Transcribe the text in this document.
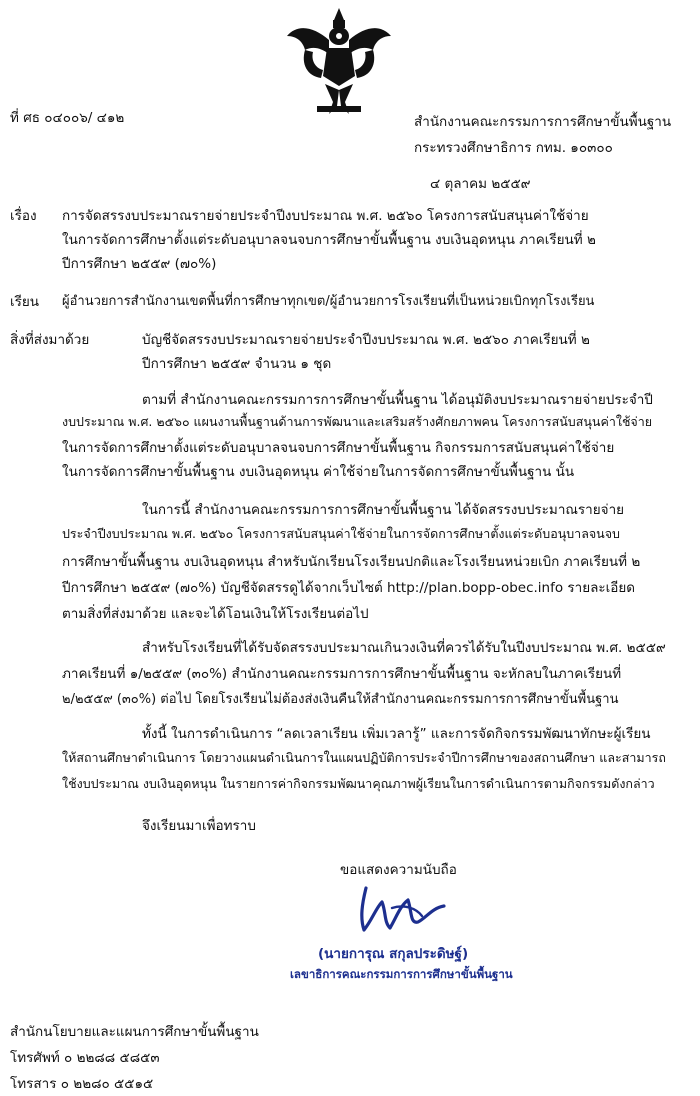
ที่ ศธ ๐๔๐๐๖/ ๔๑๒	สำนักงานคณะกรรมการการศึกษาขั้นพื้นฐาน
กระทรวงศึกษาธิการ กทม. ๑๐๓๐๐
๔ ตุลาคม ๒๕๕๙
เรื่อง การจัดสรรงบประมาณรายจ่ายประจำปีงบประมาณ พ.ศ. ๒๕๖๐ โครงการสนับสนุนค่าใช้จ่าย
ในการจัดการศึกษาตั้งแต่ระดับอนุบาลจนจบการศึกษาขั้นพื้นฐาน งบเงินอุดหนุน ภาคเรียนที่ ๒
ปีการศึกษา ๒๕๕๙ (๗๐%)
เรียน ผู้อำนวยการสำนักงานเขตพื้นที่การศึกษาทุกเขต/ผู้อำนวยการโรงเรียนที่เป็นหน่วยเบิกทุกโรงเรียน
สิ่งที่ส่งมาด้วย	บัญชีจัดสรรงบประมาณรายจ่ายประจำปีงบประมาณ พ.ศ. ๒๕๖๐ ภาคเรียนที่ ๒
ปีการศึกษา ๒๕๕๙ จำนวน ๑ ชุด
ตามที่ สำนักงานคณะกรรมการการศึกษาขั้นพื้นฐาน ได้อนุมัติงบประมาณรายจ่ายประจำปี
งบประมาณ พ.ศ. ๒๕๖๐ แผนงานพื้นฐานด้านการพัฒนาและเสริมสร้างศักยภาพคน โครงการสนับสนุนค่าใช้จ่าย
ในการจัดการศึกษาตั้งแต่ระดับอนุบาลจนจบการศึกษาขั้นพื้นฐาน กิจกรรมการสนับสนุนค่าใช้จ่าย
ในการจัดการศึกษาขั้นพื้นฐาน งบเงินอุดหนุน ค่าใช้จ่ายในการจัดการศึกษาขั้นพื้นฐาน นั้น
ในการนี้ สำนักงานคณะกรรมการการศึกษาขั้นพื้นฐาน ได้จัดสรรงบประมาณรายจ่าย
ประจำปีงบประมาณ พ.ศ. ๒๕๖๐ โครงการสนับสนุนค่าใช้จ่ายในการจัดการศึกษาตั้งแต่ระดับอนุบาลจนจบ
การศึกษาขั้นพื้นฐาน งบเงินอุดหนุน สำหรับนักเรียนโรงเรียนปกติและโรงเรียนหน่วยเบิก ภาคเรียนที่ ๒
ปีการศึกษา ๒๕๕๙ (๗๐%) บัญชีจัดสรรดูได้จากเว็บไซต์ http://plan.bopp-obec.info รายละเอียด
ตามสิ่งที่ส่งมาด้วย และจะได้โอนเงินให้โรงเรียนต่อไป
สำหรับโรงเรียนที่ได้รับจัดสรรงบประมาณเกินวงเงินที่ควรได้รับในปีงบประมาณ พ.ศ. ๒๕๕๙
ภาคเรียนที่ ๑/๒๕๕๙ (๓๐%) สำนักงานคณะกรรมการการศึกษาขั้นพื้นฐาน จะหักลบในภาคเรียนที่
๒/๒๕๕๙ (๓๐%) ต่อไป โดยโรงเรียนไม่ต้องส่งเงินคืนให้สำนักงานคณะกรรมการการศึกษาขั้นพื้นฐาน
ทั้งนี้ ในการดำเนินการ “ลดเวลาเรียน เพิ่มเวลารู้” และการจัดกิจกรรมพัฒนาทักษะผู้เรียน
ให้สถานศึกษาดำเนินการ โดยวางแผนดำเนินการในแผนปฏิบัติการประจำปีการศึกษาของสถานศึกษา และสามารถ
ใช้งบประมาณ งบเงินอุดหนุน ในรายการค่ากิจกรรมพัฒนาคุณภาพผู้เรียนในการดำเนินการตามกิจกรรมดังกล่าว
จึงเรียนมาเพื่อทราบ
ขอแสดงความนับถือ
(นายการุณ สกุลประดิษฐ์)
เลขาธิการคณะกรรมการการศึกษาขั้นพื้นฐาน
สำนักนโยบายและแผนการศึกษาขั้นพื้นฐาน
โทรศัพท์ ๐ ๒๒๘๘ ๕๘๕๓
โทรสาร ๐ ๒๒๘๐ ๕๕๑๕
